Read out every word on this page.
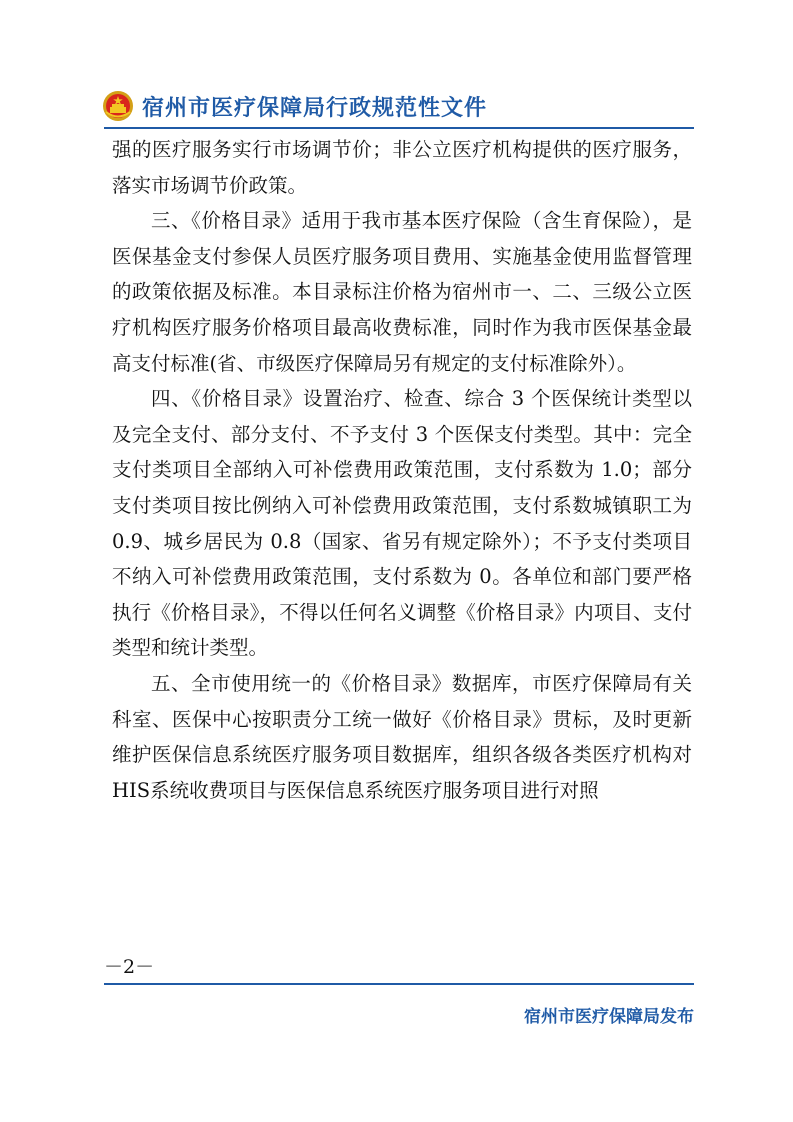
宿州市医疗保障局行政规范性文件

强的医疗服务实行市场调节价；非公立医疗机构提供的医疗服务，落实市场调节价政策。

三、《价格目录》适用于我市基本医疗保险（含生育保险），是医保基金支付参保人员医疗服务项目费用、实施基金使用监督管理的政策依据及标准。本目录标注价格为宿州市一、二、三级公立医疗机构医疗服务价格项目最高收费标准，同时作为我市医保基金最高支付标准(省、市级医疗保障局另有规定的支付标准除外）。

四、《价格目录》设置治疗、检查、综合 3 个医保统计类型以及完全支付、部分支付、不予支付 3 个医保支付类型。其中：完全支付类项目全部纳入可补偿费用政策范围，支付系数为 1.0；部分支付类项目按比例纳入可补偿费用政策范围，支付系数城镇职工为 0.9、城乡居民为 0.8（国家、省另有规定除外）；不予支付类项目不纳入可补偿费用政策范围，支付系数为 0。各单位和部门要严格执行《价格目录》，不得以任何名义调整《价格目录》内项目、支付类型和统计类型。

五、全市使用统一的《价格目录》数据库，市医疗保障局有关科室、医保中心按职责分工统一做好《价格目录》贯标，及时更新维护医保信息系统医疗服务项目数据库，组织各级各类医疗机构对HIS系统收费项目与医保信息系统医疗服务项目进行对照

－2－
宿州市医疗保障局发布
